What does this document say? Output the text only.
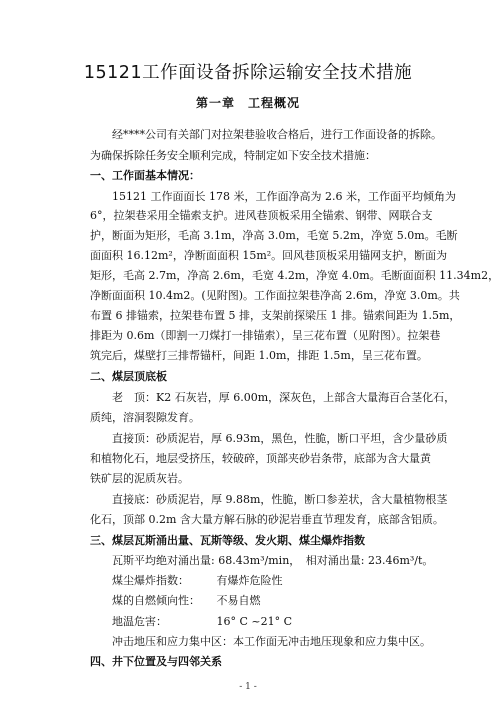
15121工作面设备拆除运输安全技术措施
第一章　工程概况
经****公司有关部门对拉架巷验收合格后，进行工作面设备的拆除。
为确保拆除任务安全顺利完成，特制定如下安全技术措施：
一、工作面基本情况：
15121 工作面面长 178 米，工作面净高为 2.6 米，工作面平均倾角为
6°，拉架巷采用全锚索支护。进风巷顶板采用全锚索、钢带、网联合支
护，断面为矩形，毛高 3.1m，净高 3.0m，毛宽 5.2m，净宽 5.0m。毛断
面面积 16.12m²，净断面面积 15m²。回风巷顶板采用锚网支护，断面为
矩形，毛高 2.7m，净高 2.6m，毛宽 4.2m，净宽 4.0m。毛断面面积 11.34m2，
净断面面积 10.4m2。(见附图)。工作面拉架巷净高 2.6m，净宽 3.0m。共
布置 6 排锚索，拉架巷布置 5 排，支架前探梁压 1 排。锚索间距为 1.5m，
排距为 0.6m（即割一刀煤打一排锚索），呈三花布置（见附图）。拉架巷
筑完后，煤壁打三排帮锚杆，间距 1.0m，排距 1.5m，呈三花布置。
二、煤层顶底板
老　顶：K2 石灰岩，厚 6.00m，深灰色，上部含大量海百合茎化石，
质纯，溶洞裂隙发育。
直接顶：砂质泥岩，厚 6.93m，黑色，性脆，断口平坦，含少量砂质
和植物化石，地层受挤压，较破碎，顶部夹砂岩条带，底部为含大量黄
铁矿层的泥质灰岩。
直接底：砂质泥岩，厚 9.88m，性脆，断口参差状，含大量植物根茎
化石，顶部 0.2m 含大量方解石脉的砂泥岩垂直节理发育，底部含铝质。
三、煤层瓦斯涌出量、瓦斯等级、发火期、煤尘爆炸指数
瓦斯平均绝对涌出量: 68.43m³/min，　相对涌出量: 23.46m³/t。
煤尘爆炸指数：　　　有爆炸危险性
煤的自燃倾向性：　　不易自燃
地温危害：　　　　　16° C ~21° C
冲击地压和应力集中区：本工作面无冲击地压现象和应力集中区。
四、井下位置及与四邻关系
- 1 -
